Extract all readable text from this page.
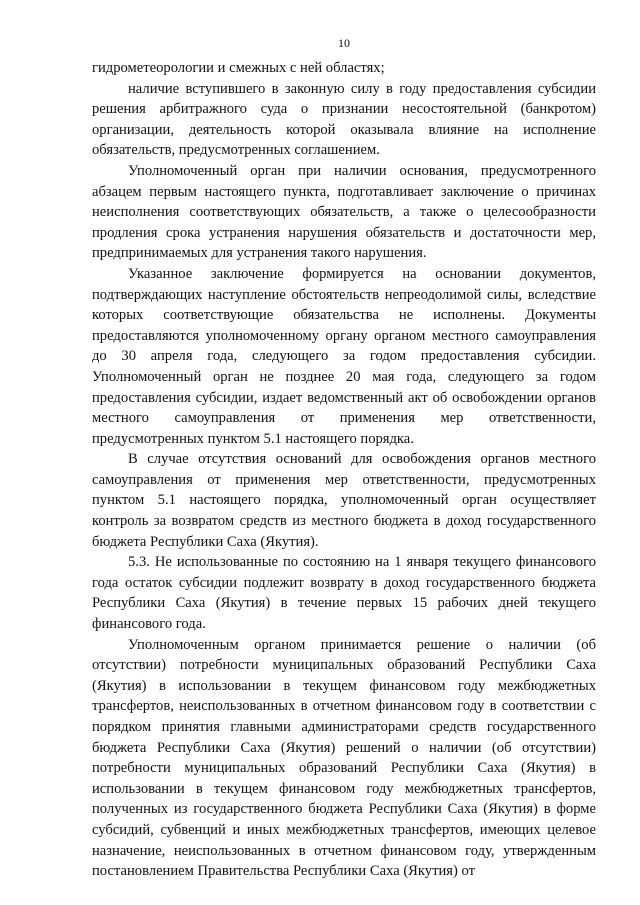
10

гидрометеорологии и смежных с ней областях;

наличие вступившего в законную силу в году предоставления субсидии решения арбитражного суда о признании несостоятельной (банкротом) организации, деятельность которой оказывала влияние на исполнение обязательств, предусмотренных соглашением.

Уполномоченный орган при наличии основания, предусмотренного абзацем первым настоящего пункта, подготавливает заключение о причинах неисполнения соответствующих обязательств, а также о целесообразности продления срока устранения нарушения обязательств и достаточности мер, предпринимаемых для устранения такого нарушения.

Указанное заключение формируется на основании документов, подтверждающих наступление обстоятельств непреодолимой силы, вследствие которых соответствующие обязательства не исполнены. Документы предоставляются уполномоченному органу органом местного самоуправления до 30 апреля года, следующего за годом предоставления субсидии. Уполномоченный орган не позднее 20 мая года, следующего за годом предоставления субсидии, издает ведомственный акт об освобождении органов местного самоуправления от применения мер ответственности, предусмотренных пунктом 5.1 настоящего порядка.

В случае отсутствия оснований для освобождения органов местного самоуправления от применения мер ответственности, предусмотренных пунктом 5.1 настоящего порядка, уполномоченный орган осуществляет контроль за возвратом средств из местного бюджета в доход государственного бюджета Республики Саха (Якутия).

5.3. Не использованные по состоянию на 1 января текущего финансового года остаток субсидии подлежит возврату в доход государственного бюджета Республики Саха (Якутия) в течение первых 15 рабочих дней текущего финансового года.

Уполномоченным органом принимается решение о наличии (об отсутствии) потребности муниципальных образований Республики Саха (Якутия) в использовании в текущем финансовом году межбюджетных трансфертов, неиспользованных в отчетном финансовом году в соответствии с порядком принятия главными администраторами средств государственного бюджета Республики Саха (Якутия) решений о наличии (об отсутствии) потребности муниципальных образований Республики Саха (Якутия) в использовании в текущем финансовом году межбюджетных трансфертов, полученных из государственного бюджета Республики Саха (Якутия) в форме субсидий, субвенций и иных межбюджетных трансфертов, имеющих целевое назначение, неиспользованных в отчетном финансовом году, утвержденным постановлением Правительства Республики Саха (Якутия) от
